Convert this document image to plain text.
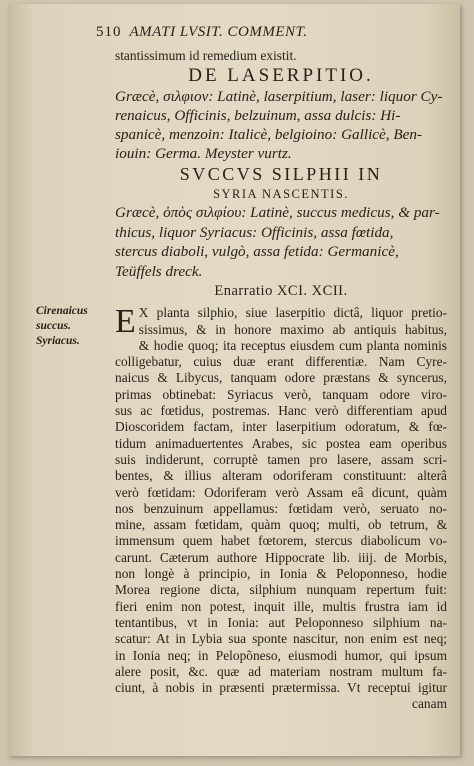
510 AMATI LVSIT. COMMENT.
Cirenaicus
succus.
Syriacus.
stantissimum id remedium existit.
DE LASERPITIO.
Græcè, σιλφιον: Latinè, laserpitium, laser: liquor Cy-
renaicus, Officinis, belzuinum, assa dulcis: Hi-
spanicè, menzoin: Italicè, belgioino: Gallicè, Ben-
iouin: Germa. Meyster vurtz.
SVCCVS SILPHII IN
SYRIA NASCENTIS.
Græcè, ὀπὸς σιλφίου: Latinè, succus medicus, & par-
thicus, liquor Syriacus: Officinis, assa fœtida,
stercus diaboli, vulgò, assa fetida: Germanicè,
Teüffels dreck.
Enarratio XCI. XCII.
E X planta silphio, siue laserpitio dictâ, liquor pretio-
sissimus, & in honore maximo ab antiquis habitus,
& hodie quoq; ita receptus eiusdem cum planta nominis
colligebatur, cuius duæ erant differentiæ. Nam Cyre-
naicus & Libycus, tanquam odore præstans & syncerus,
primas obtinebat: Syriacus verò, tanquam odore viro-
sus ac fœtidus, postremas. Hanc verò differentiam apud
Dioscoridem factam, inter laserpitium odoratum, & fœ-
tidum animaduertentes Arabes, sic postea eam operibus
suis indiderunt, corruptè tamen pro lasere, assam scri-
bentes, & illius alteram odoriferam constituunt: alterâ
verò fœtidam: Odoriferam verò Assam eâ dicunt, quàm
nos benzuinum appellamus: fœtidam verò, seruato no-
mine, assam fœtidam, quàm quoq; multi, ob tetrum, &
immensum quem habet fœtorem, stercus diabolicum vo-
carunt. Cæterum authore Hippocrate lib. iiij. de Morbis,
non longè à principio, in Ionia & Peloponneso, hodie
Morea regione dicta, silphium nunquam repertum fuit:
fieri enim non potest, inquit ille, multis frustra iam id
tentantibus, vt in Ionia: aut Peloponneso silphium na-
scatur: At in Lybia sua sponte nascitur, non enim est neq;
in Ionia neq; in Pelopõneso, eiusmodi humor, qui ipsum
alere posit, &c. quæ ad materiam nostram multum fa-
ciunt, à nobis in præsenti prætermissa. Vt receptui igitur
canam
